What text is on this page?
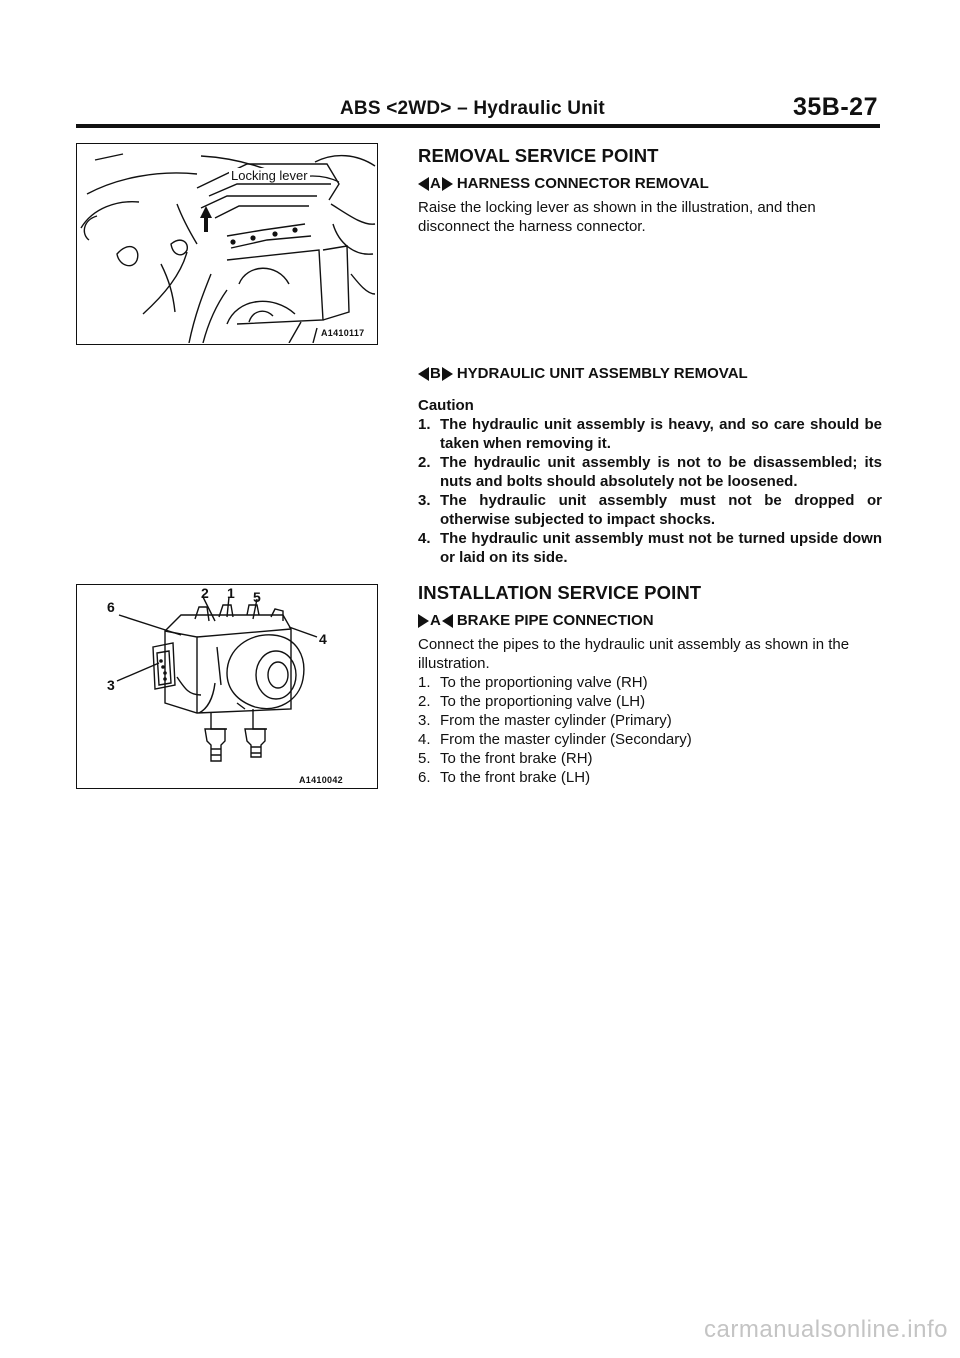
ABS <2WD> – Hydraulic Unit	35B-27
Locking lever
A1410117
6
2 1 5
4
3
A1410042
REMOVAL SERVICE POINT
A HARNESS CONNECTOR REMOVAL
Raise the locking lever as shown in the illustration, and then disconnect the harness connector.
B HYDRAULIC UNIT ASSEMBLY REMOVAL
Caution
1. The hydraulic unit assembly is heavy, and so care should be taken when removing it.
2. The hydraulic unit assembly is not to be disassembled; its nuts and bolts should absolutely not be loosened.
3. The hydraulic unit assembly must not be dropped or otherwise subjected to impact shocks.
4. The hydraulic unit assembly must not be turned upside down or laid on its side.
INSTALLATION SERVICE POINT
A BRAKE PIPE CONNECTION
Connect the pipes to the hydraulic unit assembly as shown in the illustration.
1. To the proportioning valve (RH)
2. To the proportioning valve (LH)
3. From the master cylinder (Primary)
4. From the master cylinder (Secondary)
5. To the front brake (RH)
6. To the front brake (LH)
carmanualsonline.info
